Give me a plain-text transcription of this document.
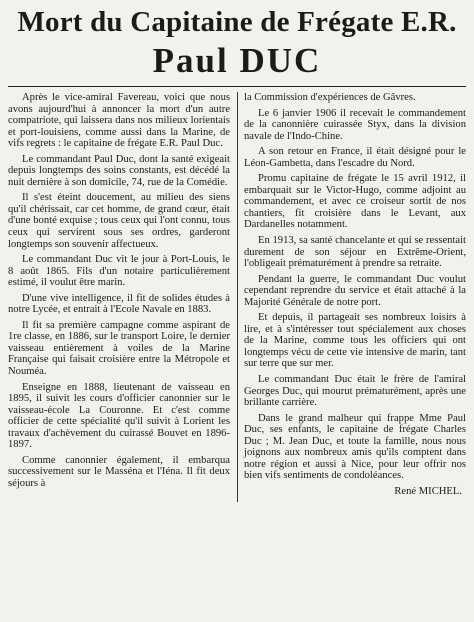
Mort du Capitaine de Frégate E.R.
Paul DUC

Après le vice-amiral Favereau, voici que nous avons aujourd'hui à annoncer la mort d'un autre compatriote, qui laissera dans nos milieux lorientais et port-louisiens, comme aussi dans la Marine, de vifs regrets : le capitaine de frégate E.R. Paul Duc.

Le commandant Paul Duc, dont la santé exigeait depuis longtemps des soins constants, est décédé la nuit dernière à son domicile, 74, rue de la Comédie.

Il s'est éteint doucement, au milieu des siens qu'il chérissait, car cet homme, de grand cœur, était d'une bonté exquise ; tous ceux qui l'ont connu, tous ceux qui servirent sous ses ordres, garderont longtemps son souvenir affectueux.

Le commandant Duc vit le jour à Port-Louis, le 8 août 1865. Fils d'un notaire particulièrement estimé, il voulut être marin.

D'une vive intelligence, il fit de solides études à notre Lycée, et entrait à l'Ecole Navale en 1883.

Il fit sa première campagne comme aspirant de 1re classe, en 1886, sur le transport Loire, le dernier vaisseau entièrement à voiles de la Marine Française qui faisait croisière entre la Métropole et Nouméa.

Enseigne en 1888, lieutenant de vaisseau en 1895, il suivit les cours d'officier canonnier sur le vaisseau-école La Couronne. Et c'est comme officier de cette spécialité qu'il suivit à Lorient les travaux d'achèvement du cuirassé Bouvet en 1896-1897.

Comme canonnier également, il embarqua successivement sur le Masséna et l'Iéna. Il fit deux séjours à

la Commission d'expériences de Gâvres.

Le 6 janvier 1906 il recevait le commandement de la canonnière cuirassée Styx, dans la division navale de l'Indo-Chine.

A son retour en France, il était désigné pour le Léon-Gambetta, dans l'escadre du Nord.

Promu capitaine de frégate le 15 avril 1912, il embarquait sur le Victor-Hugo, comme adjoint au commandement, et avec ce croiseur sortit de nos chantiers, fit croisière dans le Levant, aux Dardanelles notamment.

En 1913, sa santé chancelante et qui se ressentait durement de son séjour en Extrême-Orient, l'obligeait prématurément à prendre sa retraite.

Pendant la guerre, le commandant Duc voulut cependant reprendre du service et était attaché à la Majorité Générale de notre port.

Et depuis, il partageait ses nombreux loisirs à lire, et à s'intéresser tout spécialement aux choses de la Marine, comme tous les officiers qui ont longtemps vécu de cette vie intensive de marin, tant sur terre que sur mer.

Le commandant Duc était le frère de l'amiral Georges Duc, qui mourut prématurément, après une brillante carrière.

Dans le grand malheur qui frappe Mme Paul Duc, ses enfants, le capitaine de frégate Charles Duc ; M. Jean Duc, et toute la famille, nous nous joignons aux nombreux amis qu'ils comptent dans notre région et aussi à Nice, pour leur offrir nos bien vifs sentiments de condoléances.

René MICHEL.
